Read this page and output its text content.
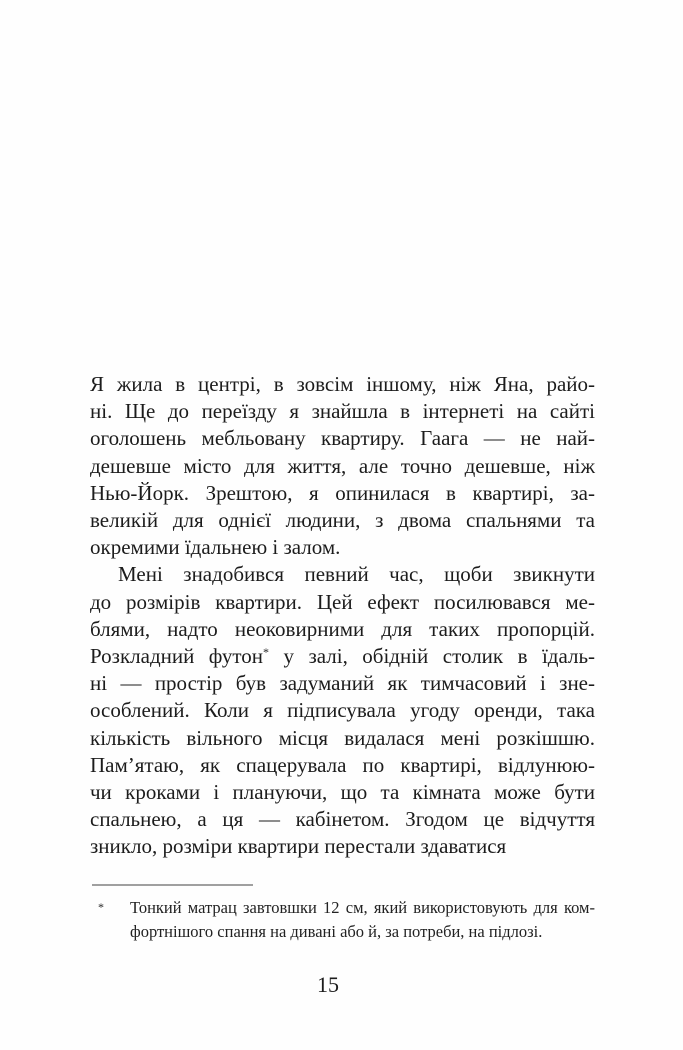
Я жила в центрі, в зовсім іншому, ніж Яна, райо-
ні. Ще до переїзду я знайшла в інтернеті на сайті
оголошень мебльовану квартиру. Гаага — не най-
дешевше місто для життя, але точно дешевше, ніж
Нью-Йорк. Зрештою, я опинилася в квартирі, за-
великій для однієї людини, з двома спальнями та
окремими їдальнею і залом.
Мені знадобився певний час, щоби звикнути
до розмірів квартири. Цей ефект посилювався ме-
блями, надто неоковирними для таких пропорцій.
Розкладний футон* у залі, обідній столик в їдаль-
ні — простір був задуманий як тимчасовий і зне-
особлений. Коли я підписувала угоду оренди, така
кількість вільного місця видалася мені розкішшю.
Памʼятаю, як спацерувала по квартирі, відлунюю-
чи кроками і плануючи, що та кімната може бути
спальнею, а ця — кабінетом. Згодом це відчуття
зникло, розміри квартири перестали здаватися
* Тонкий матрац завтовшки 12 см, який використовують для ком-
фортнішого спання на дивані або й, за потреби, на підлозі.
15
